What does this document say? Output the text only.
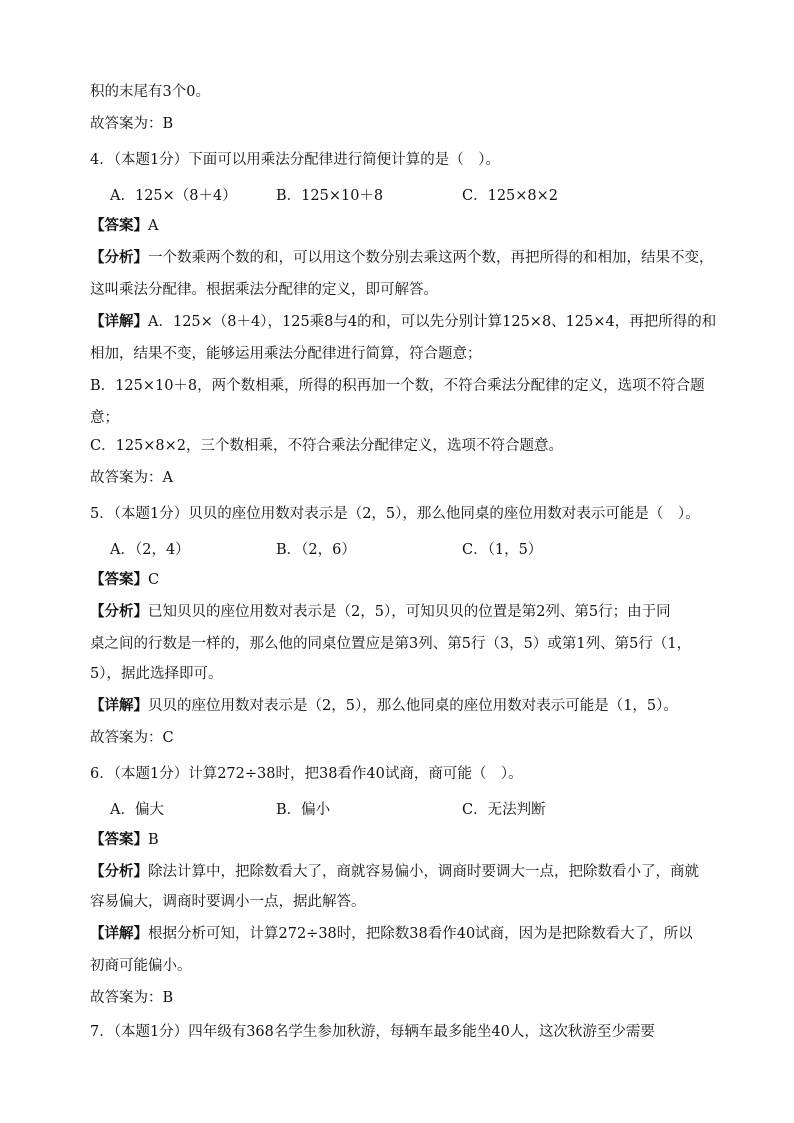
积的末尾有3个0。
故答案为：B
4．（本题1分）下面可以用乘法分配律进行简便计算的是（　）。
A．125×（8＋4）	B．125×10＋8	C．125×8×2
【答案】A
【分析】一个数乘两个数的和，可以用这个数分别去乘这两个数，再把所得的和相加，结果不变，
这叫乘法分配律。根据乘法分配律的定义，即可解答。
【详解】A．125×（8＋4），125乘8与4的和，可以先分别计算125×8、125×4，再把所得的和
相加，结果不变，能够运用乘法分配律进行简算，符合题意；
B．125×10＋8，两个数相乘，所得的积再加一个数，不符合乘法分配律的定义，选项不符合题
意；
C．125×8×2，三个数相乘，不符合乘法分配律定义，选项不符合题意。
故答案为：A
5．（本题1分）贝贝的座位用数对表示是（2，5），那么他同桌的座位用数对表示可能是（　）。
A．（2，4）	B．（2，6）	C．（1，5）
【答案】C
【分析】已知贝贝的座位用数对表示是（2，5），可知贝贝的位置是第2列、第5行；由于同
桌之间的行数是一样的，那么他的同桌位置应是第3列、第5行（3，5）或第1列、第5行（1，
5），据此选择即可。
【详解】贝贝的座位用数对表示是（2，5），那么他同桌的座位用数对表示可能是（1，5）。
故答案为：C
6．（本题1分）计算272÷38时，把38看作40试商，商可能（　）。
A．偏大	B．偏小	C．无法判断
【答案】B
【分析】除法计算中，把除数看大了，商就容易偏小，调商时要调大一点，把除数看小了，商就
容易偏大，调商时要调小一点，据此解答。
【详解】根据分析可知，计算272÷38时，把除数38看作40试商，因为是把除数看大了，所以
初商可能偏小。
故答案为：B
7．（本题1分）四年级有368名学生参加秋游，每辆车最多能坐40人，这次秋游至少需要
